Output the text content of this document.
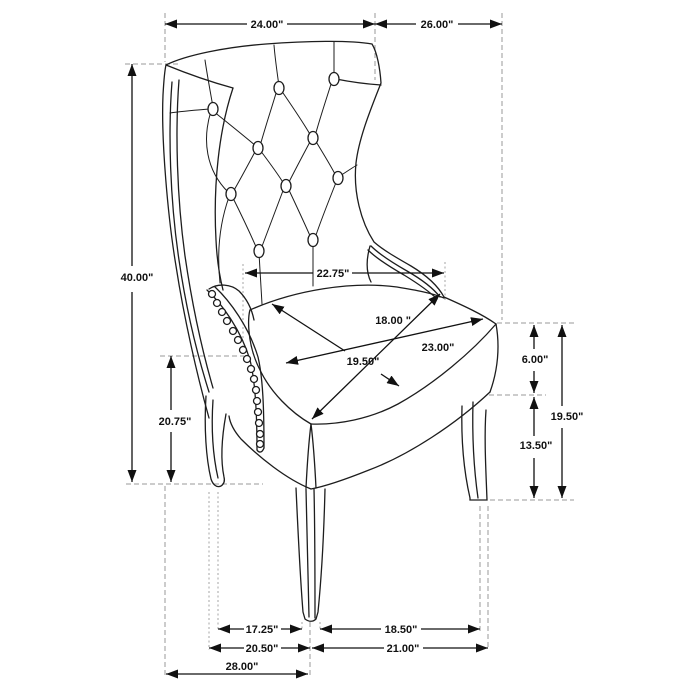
24.00"	26.00"
40.00"	22.75"
18.00 "
19.50"
23.00"
20.75"
6.00"
13.50"
19.50"
17.25"	18.50"
20.50"	21.00"
28.00"
